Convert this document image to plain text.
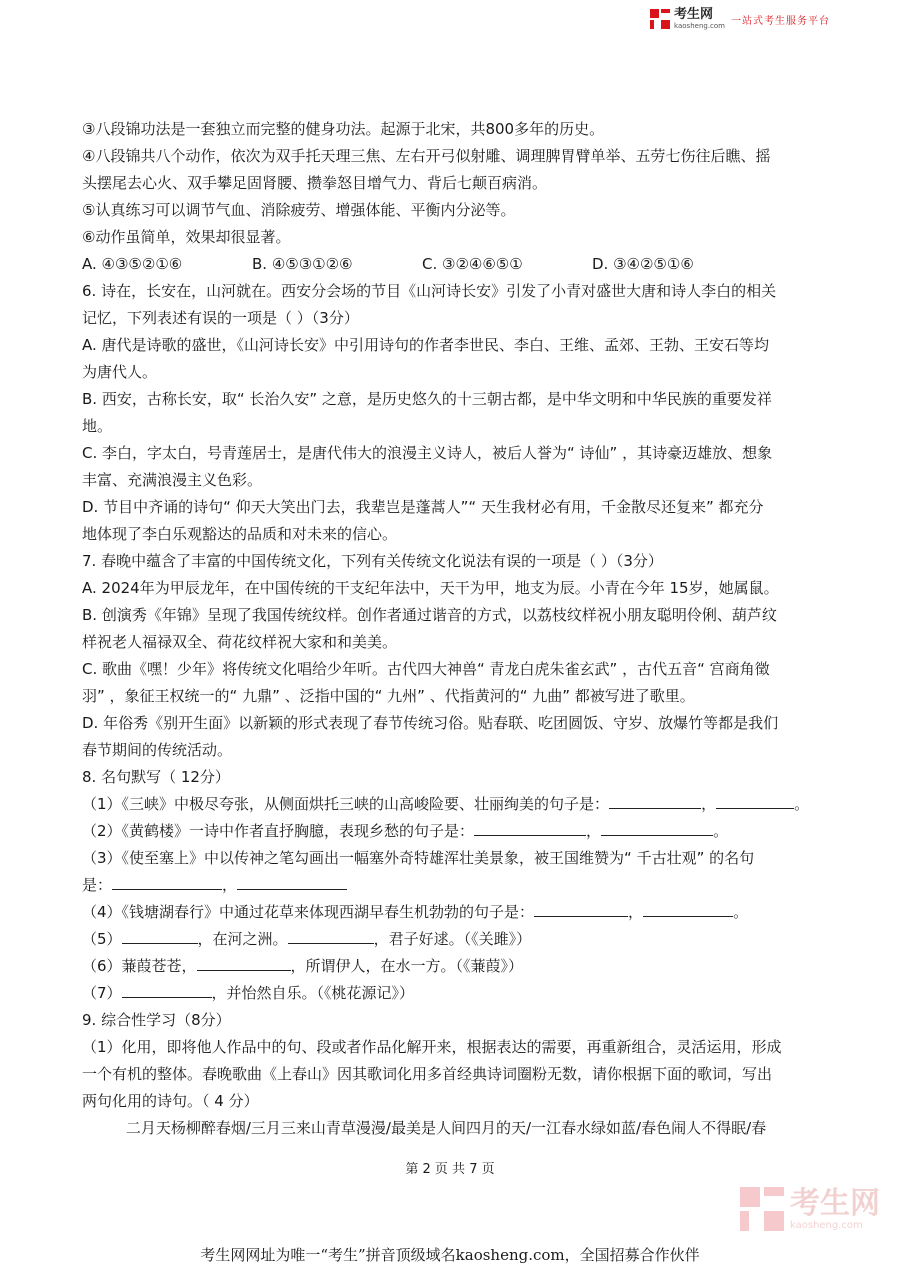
考生网
kaosheng.com 一站式考生服务平台
③八段锦功法是一套独立而完整的健身功法。起源于北宋，共800多年的历史。
④八段锦共八个动作，依次为双手托天理三焦、左右开弓似射雕、调理脾胃臂单举、五劳七伤往后瞧、摇
头摆尾去心火、双手攀足固肾腰、攒拳怒目增气力、背后七颠百病消。
⑤认真练习可以调节气血、消除疲劳、增强体能、平衡内分泌等。
⑥动作虽简单，效果却很显著。
A. ④③⑤②①⑥	B. ④⑤③①②⑥	C. ③②④⑥⑤①	D. ③④②⑤①⑥
6. 诗在，长安在，山河就在。西安分会场的节目《山河诗长安》引发了小青对盛世大唐和诗人李白的相关
记忆，下列表述有误的一项是（ ）（3分）
A. 唐代是诗歌的盛世，《山河诗长安》中引用诗句的作者李世民、李白、王维、孟郊、王勃、王安石等均
为唐代人。
B. 西安，古称长安，取“ 长治久安” 之意，是历史悠久的十三朝古都，是中华文明和中华民族的重要发祥
地。
C. 李白，字太白，号青莲居士，是唐代伟大的浪漫主义诗人，被后人誉为“ 诗仙” ，其诗豪迈雄放、想象
丰富、充满浪漫主义色彩。
D. 节目中齐诵的诗句“ 仰天大笑出门去，我辈岂是蓬蒿人”“ 天生我材必有用，千金散尽还复来” 都充分
地体现了李白乐观豁达的品质和对未来的信心。
7. 春晚中蕴含了丰富的中国传统文化，下列有关传统文化说法有误的一项是（ ）（3分）
A. 2024年为甲辰龙年，在中国传统的干支纪年法中，天干为甲，地支为辰。小青在今年 15岁，她属鼠。
B. 创演秀《年锦》呈现了我国传统纹样。创作者通过谐音的方式，以荔枝纹样祝小朋友聪明伶俐、葫芦纹
样祝老人福禄双全、荷花纹样祝大家和和美美。
C. 歌曲《嘿！少年》将传统文化唱给少年听。古代四大神兽“ 青龙白虎朱雀玄武” ，古代五音“ 宫商角徵
羽” ，象征王权统一的“ 九鼎” 、泛指中国的“ 九州” 、代指黄河的“ 九曲” 都被写进了歌里。
D. 年俗秀《别开生面》以新颖的形式表现了春节传统习俗。贴春联、吃团圆饭、守岁、放爆竹等都是我们
春节期间的传统活动。
8. 名句默写（ 12分）
（1）《三峡》中极尽夸张，从侧面烘托三峡的山高峻险要、壮丽绚美的句子是：	，	。
（2）《黄鹤楼》一诗中作者直抒胸臆，表现乡愁的句子是：	，	。
（3）《使至塞上》中以传神之笔勾画出一幅塞外奇特雄浑壮美景象，被王国维赞为“ 千古壮观” 的名句
是：	，
（4）《钱塘湖春行》中通过花草来体现西湖早春生机勃勃的句子是：	，	。
（5）	，在河之洲。	，君子好逑。（《关雎》）
（6）蒹葭苍苍，	，所谓伊人，在水一方。（《蒹葭》）
（7）	，并怡然自乐。（《桃花源记》）
9. 综合性学习（8分）
（1）化用，即将他人作品中的句、段或者作品化解开来，根据表达的需要，再重新组合，灵活运用，形成
一个有机的整体。春晚歌曲《上春山》因其歌词化用多首经典诗词圈粉无数，请你根据下面的歌词，写出
两句化用的诗句。（ 4 分）
二月天杨柳醉春烟/三月三来山青草漫漫/最美是人间四月的天/一江春水绿如蓝/春色闹人不得眠/春
第 2 页 共 7 页
考生网
kaosheng.com
考生网网址为唯一“考生”拼音顶级域名kaosheng.com，全国招募合作伙伴
